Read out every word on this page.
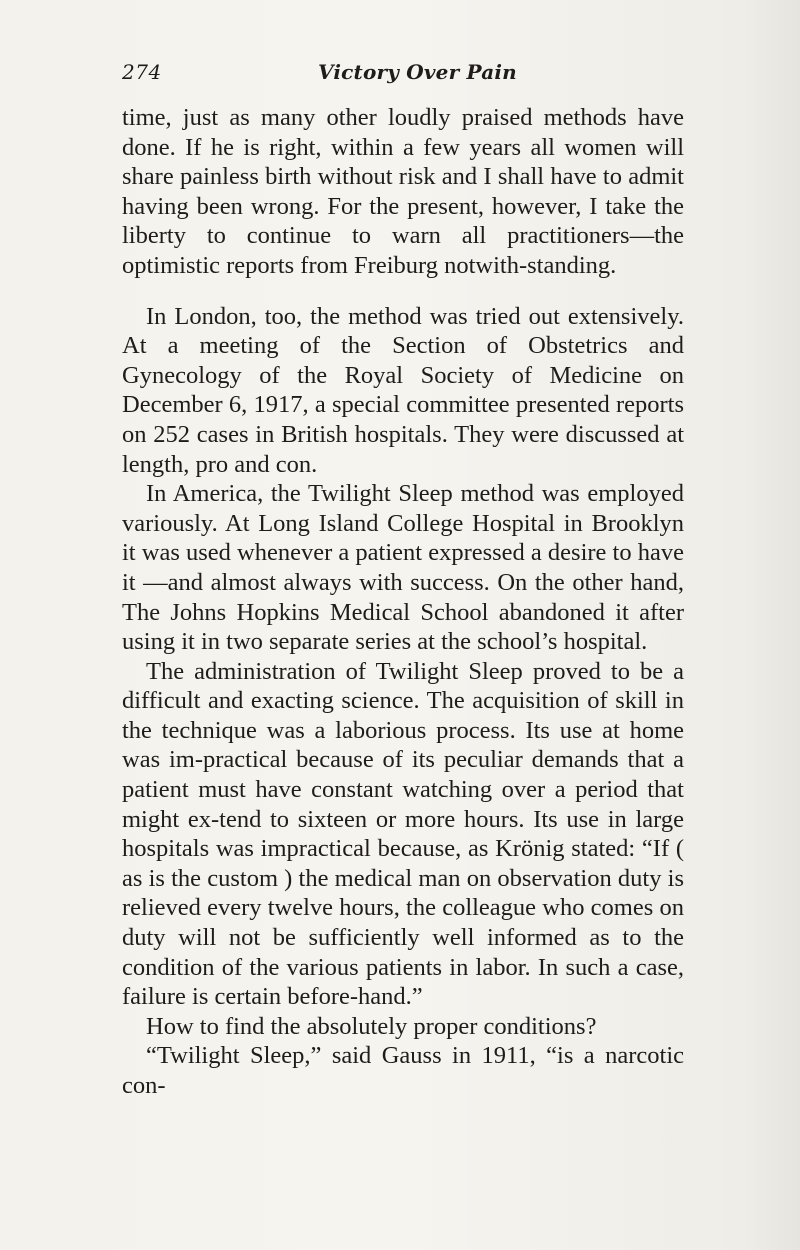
274	Victory Over Pain

time, just as many other loudly praised methods have done. If he is right, within a few years all women will share painless birth without risk and I shall have to admit having been wrong. For the present, however, I take the liberty to continue to warn all practitioners—the optimistic reports from Freiburg notwith-standing.

In London, too, the method was tried out extensively. At a meeting of the Section of Obstetrics and Gynecology of the Royal Society of Medicine on December 6, 1917, a special committee presented reports on 252 cases in British hospitals. They were discussed at length, pro and con.

In America, the Twilight Sleep method was employed variously. At Long Island College Hospital in Brooklyn it was used whenever a patient expressed a desire to have it —and almost always with success. On the other hand, The Johns Hopkins Medical School abandoned it after using it in two separate series at the school’s hospital.

The administration of Twilight Sleep proved to be a difficult and exacting science. The acquisition of skill in the technique was a laborious process. Its use at home was im-practical because of its peculiar demands that a patient must have constant watching over a period that might ex-tend to sixteen or more hours. Its use in large hospitals was impractical because, as Krönig stated: “If ( as is the custom ) the medical man on observation duty is relieved every twelve hours, the colleague who comes on duty will not be sufficiently well informed as to the condition of the various patients in labor. In such a case, failure is certain before-hand.”

How to find the absolutely proper conditions?

“Twilight Sleep,” said Gauss in 1911, “is a narcotic con-
